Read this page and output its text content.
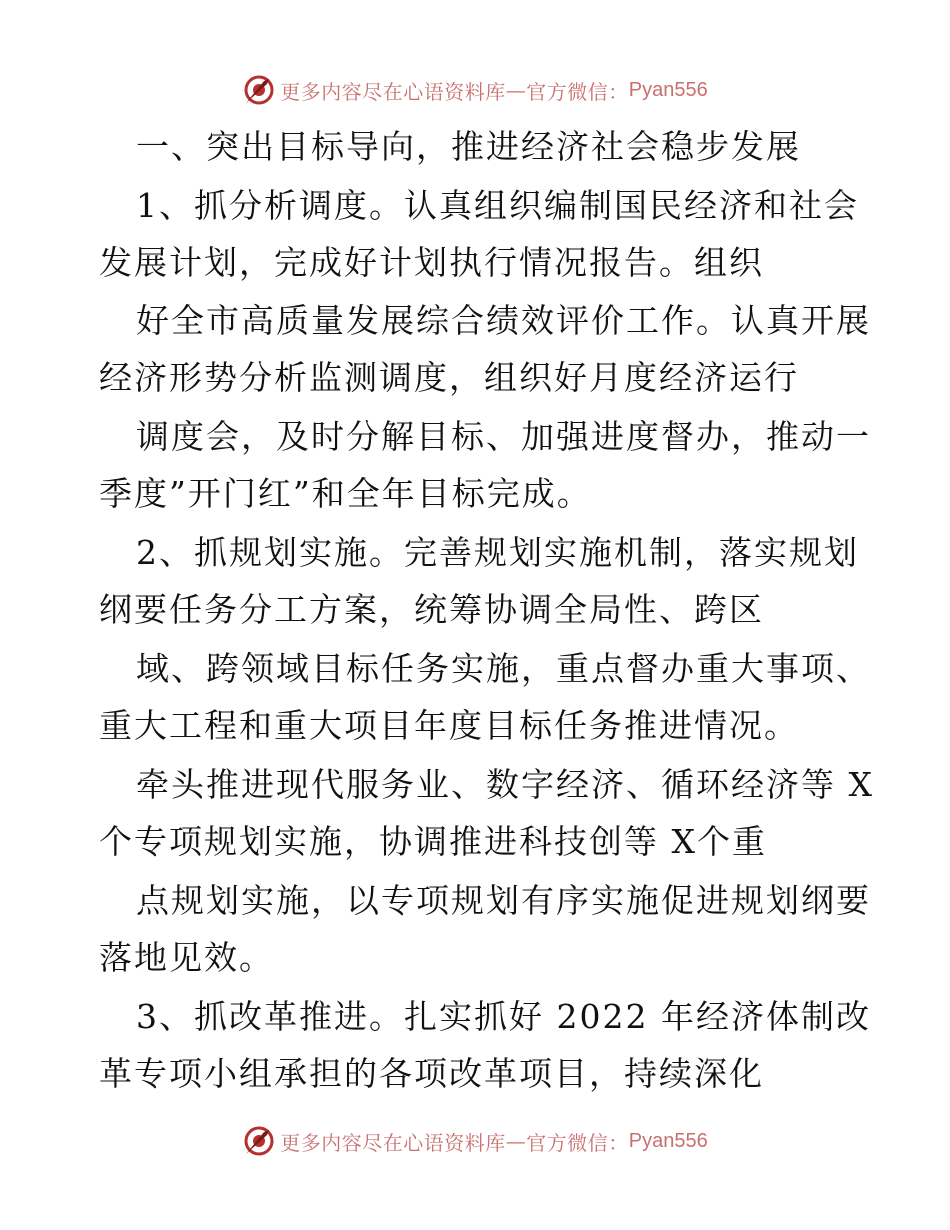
更多内容尽在心语资料库 — 官方微信： Pyan556
一、突出目标导向，推进经济社会稳步发展
1、抓分析调度。认真组织编制国民经济和社会
发展计划，完成好计划执行情况报告。组织
好全市高质量发展综合绩效评价工作。认真开展
经济形势分析监测调度，组织好月度经济运行
调度会，及时分解目标、加强进度督办，推动一
季度”开门红”和全年目标完成。
2、抓规划实施。完善规划实施机制，落实规划
纲要任务分工方案，统筹协调全局性、跨区
域、跨领域目标任务实施，重点督办重大事项、
重大工程和重大项目年度目标任务推进情况。
牵头推进现代服务业、数字经济、循环经济等 X
个专项规划实施，协调推进科技创等 X个重
点规划实施，以专项规划有序实施促进规划纲要
落地见效。
3、抓改革推进。扎实抓好 2022 年经济体制改
革专项小组承担的各项改革项目，持续深化
更多内容尽在心语资料库 — 官方微信： Pyan556
